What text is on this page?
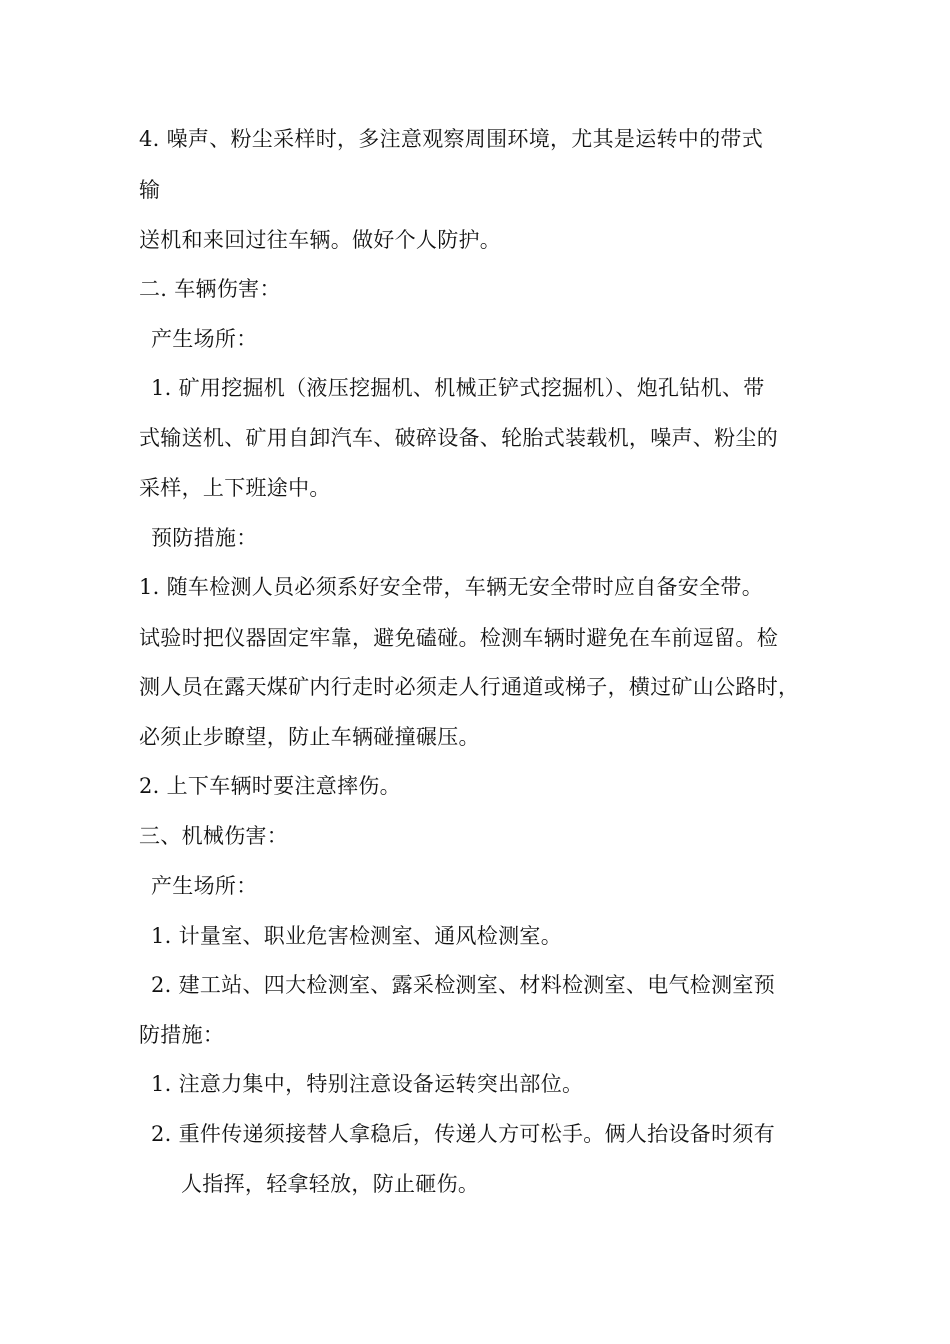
4. 噪声、粉尘采样时，多注意观察周围环境，尤其是运转中的带式
输
送机和来回过往车辆。做好个人防护。
二. 车辆伤害：
产生场所：
1. 矿用挖掘机（液压挖掘机、机械正铲式挖掘机）、炮孔钻机、带
式输送机、矿用自卸汽车、破碎设备、轮胎式装载机，噪声、粉尘的
采样，上下班途中。
预防措施：
1. 随车检测人员必须系好安全带，车辆无安全带时应自备安全带。
试验时把仪器固定牢靠，避免磕碰。检测车辆时避免在车前逗留。检
测人员在露天煤矿内行走时必须走人行通道或梯子，横过矿山公路时，
必须止步瞭望，防止车辆碰撞碾压。
2. 上下车辆时要注意摔伤。
三、机械伤害：
产生场所：
1. 计量室、职业危害检测室、通风检测室。
2. 建工站、四大检测室、露采检测室、材料检测室、电气检测室预
防措施：
1. 注意力集中，特别注意设备运转突出部位。
2. 重件传递须接替人拿稳后，传递人方可松手。俩人抬设备时须有
人指挥，轻拿轻放，防止砸伤。
